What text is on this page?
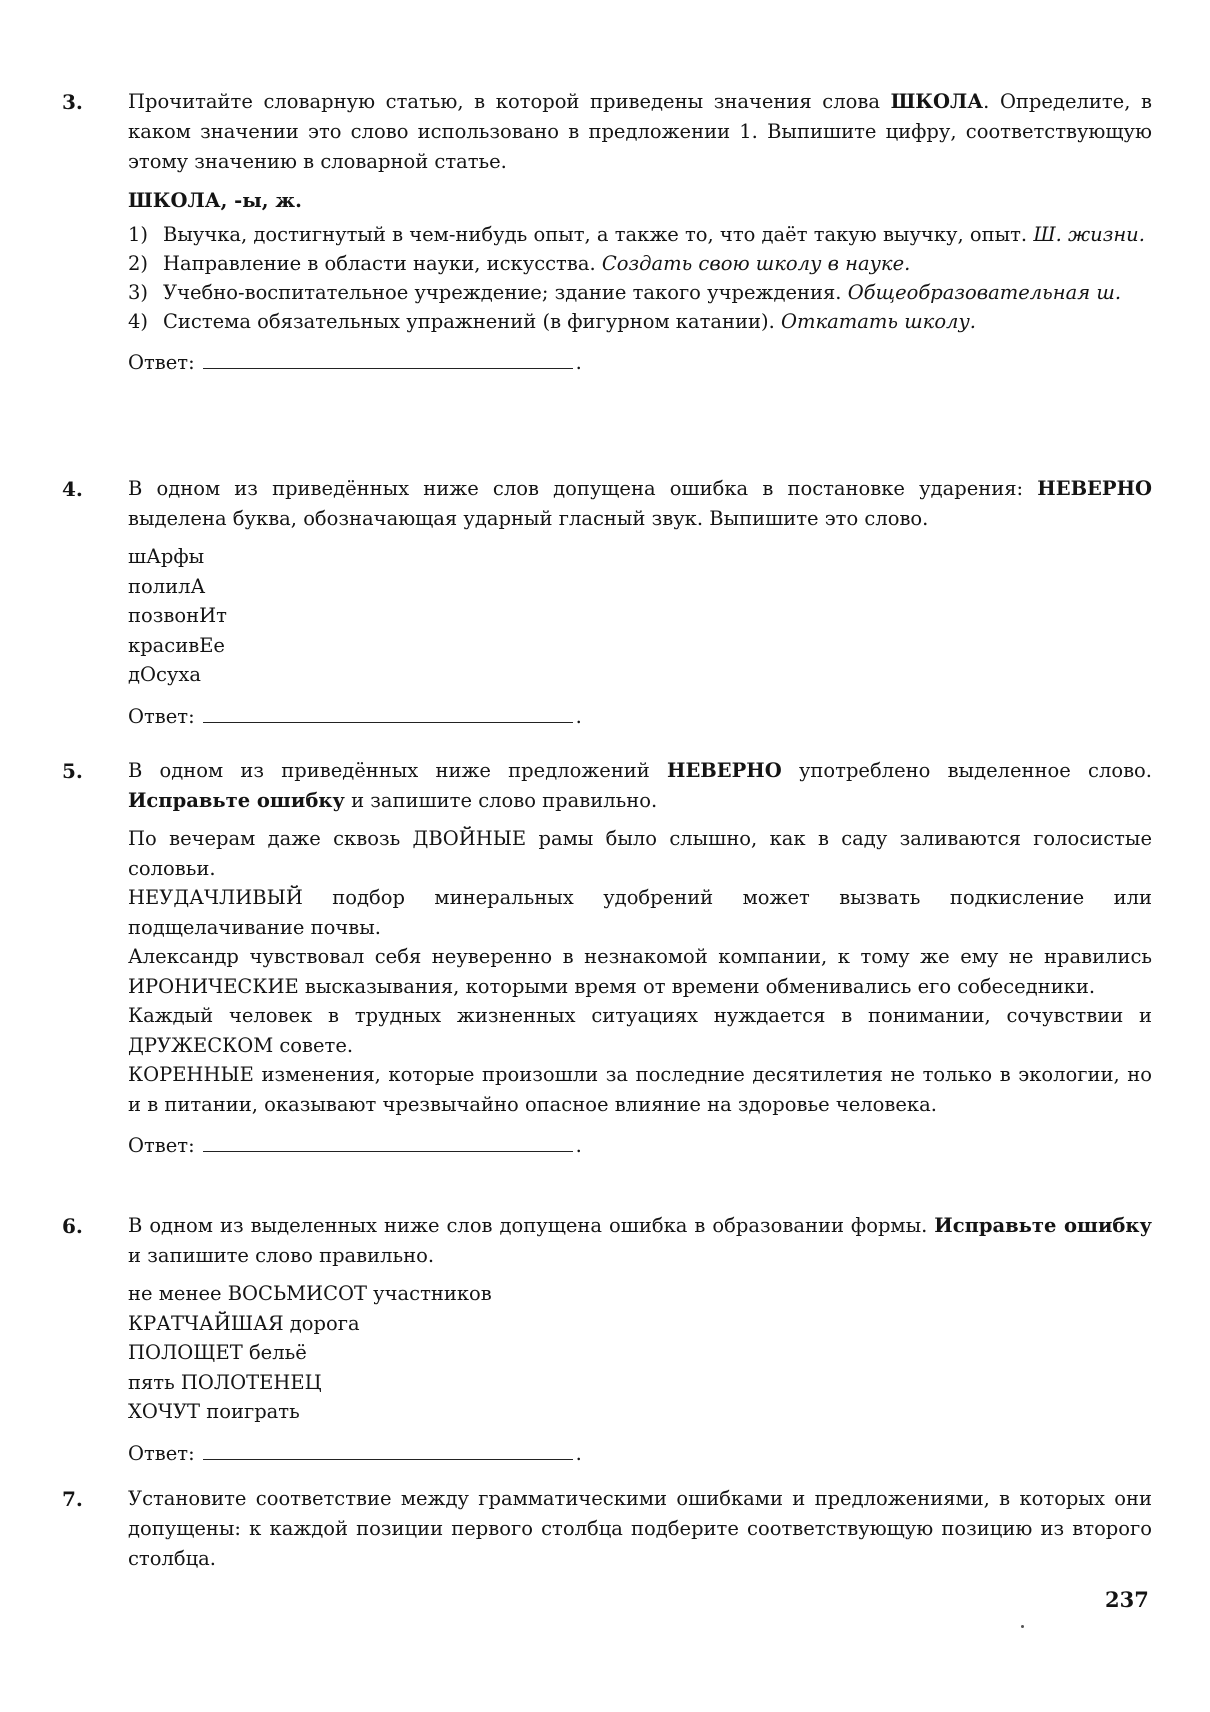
3. Прочитайте словарную статью, в которой приведены значения слова ШКОЛА. Определите, в каком значении это слово использовано в предложении 1. Выпишите цифру, соответствующую этому значению в словарной статье.

ШКОЛА, -ы, ж.
1) Выучка, достигнутый в чем-нибудь опыт, а также то, что даёт такую выучку, опыт. Ш. жизни.
2) Направление в области науки, искусства. Создать свою школу в науке.
3) Учебно-воспитательное учреждение; здание такого учреждения. Общеобразовательная ш.
4) Система обязательных упражнений (в фигурном катании). Откатать школу.
Ответ:	.
4. В одном из приведённых ниже слов допущена ошибка в постановке ударения: НЕВЕРНО выделена буква, обозначающая ударный гласный звук. Выпишите это слово.

шАрфы
полилА
позвонИт
красивЕе
дОсуха
Ответ:	.
5. В одном из приведённых ниже предложений НЕВЕРНО употреблено выделенное слово. Исправьте ошибку и запишите слово правильно.

По вечерам даже сквозь ДВОЙНЫЕ рамы было слышно, как в саду заливаются голосистые соловьи.
НЕУДАЧЛИВЫЙ подбор минеральных удобрений может вызвать подкисление или подщелачивание почвы.
Александр чувствовал себя неуверенно в незнакомой компании, к тому же ему не нравились ИРОНИЧЕСКИЕ высказывания, которыми время от времени обменивались его собеседники.
Каждый человек в трудных жизненных ситуациях нуждается в понимании, сочувствии и ДРУЖЕСКОМ совете.
КОРЕННЫЕ изменения, которые произошли за последние десятилетия не только в экологии, но и в питании, оказывают чрезвычайно опасное влияние на здоровье человека.
Ответ:	.
6. В одном из выделенных ниже слов допущена ошибка в образовании формы. Исправьте ошибку и запишите слово правильно.

не менее ВОСЬМИСОТ участников
КРАТЧАЙШАЯ дорога
ПОЛОЩЕТ бельё
пять ПОЛОТЕНЕЦ
ХОЧУТ поиграть
Ответ:	.
7. Установите соответствие между грамматическими ошибками и предложениями, в которых они допущены: к каждой позиции первого столбца подберите соответствующую позицию из второго столбца.

237
